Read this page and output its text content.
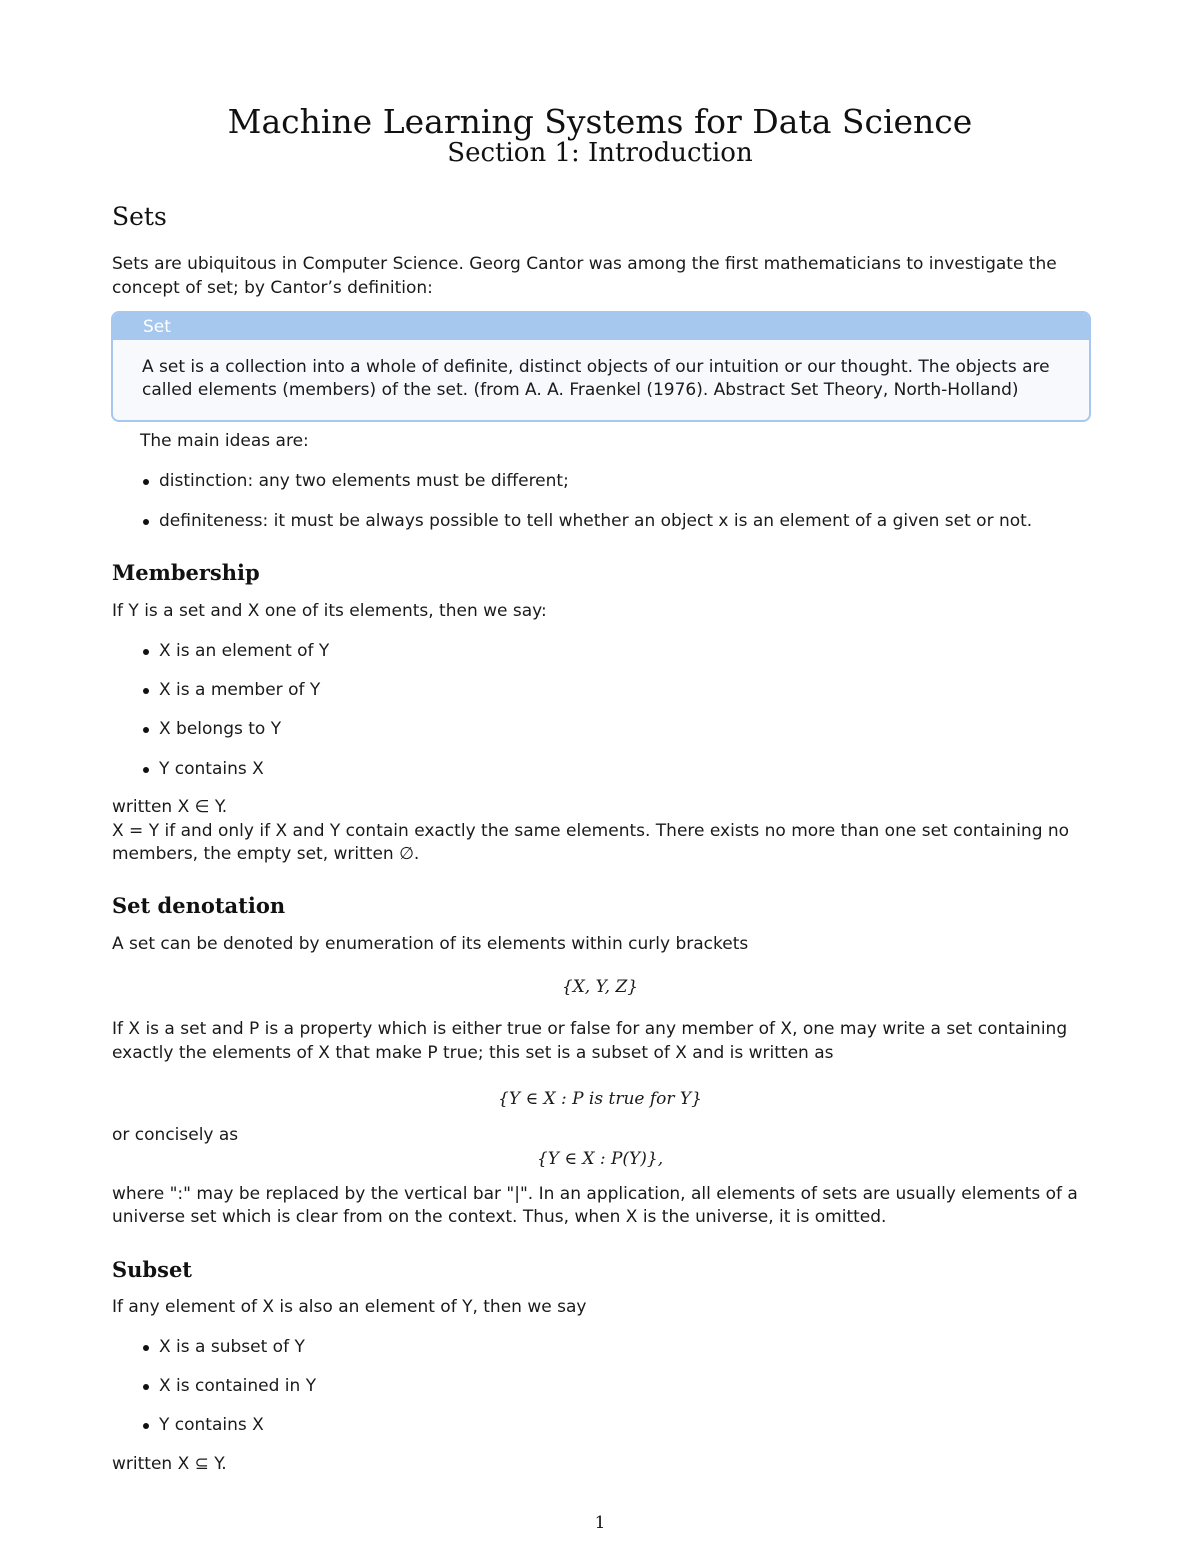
Machine Learning Systems for Data Science
Section 1: Introduction
Sets
Sets are ubiquitous in Computer Science. Georg Cantor was among the first mathematicians to investigate the
concept of set; by Cantor’s definition:
Set
A set is a collection into a whole of definite, distinct objects of our intuition or our thought. The objects are
called elements (members) of the set. (from A. A. Fraenkel (1976). Abstract Set Theory, North-Holland)
The main ideas are:
distinction: any two elements must be different;
definiteness: it must be always possible to tell whether an object x is an element of a given set or not.
Membership
If Y is a set and X one of its elements, then we say:
X is an element of Y
X is a member of Y
X belongs to Y
Y contains X
written X ∈ Y.
X = Y if and only if X and Y contain exactly the same elements. There exists no more than one set containing no
members, the empty set, written ∅.
Set denotation
A set can be denoted by enumeration of its elements within curly brackets
{X, Y, Z}
If X is a set and P is a property which is either true or false for any member of X, one may write a set containing
exactly the elements of X that make P true; this set is a subset of X and is written as
{Y ∈ X : P is true for Y}
or concisely as
{Y ∈ X : P(Y)},
where ":" may be replaced by the vertical bar "|". In an application, all elements of sets are usually elements of a
universe set which is clear from on the context. Thus, when X is the universe, it is omitted.
Subset
If any element of X is also an element of Y, then we say
X is a subset of Y
X is contained in Y
Y contains X
written X ⊆ Y.
1
